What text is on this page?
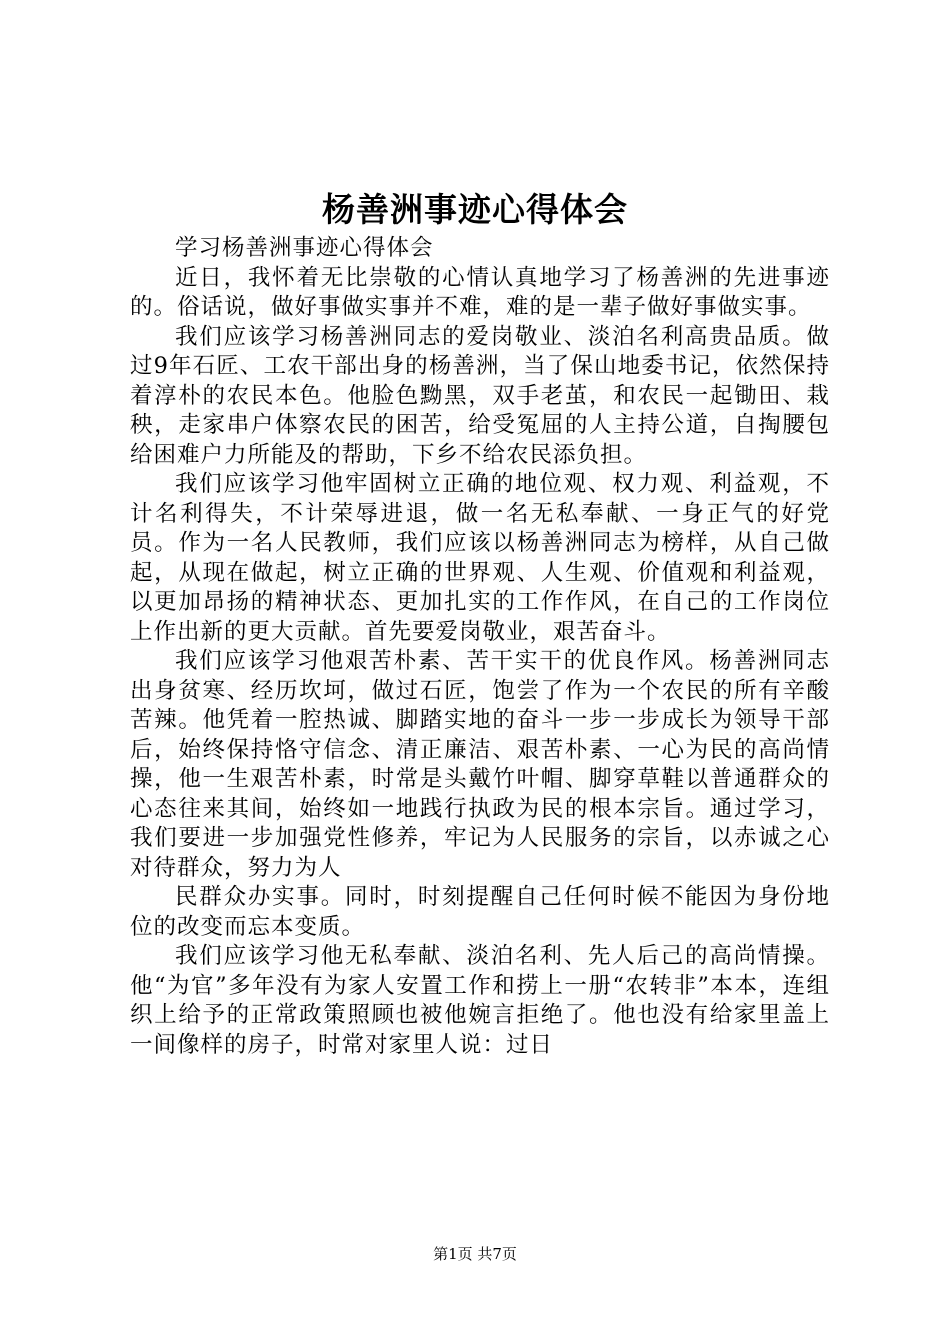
杨善洲事迹心得体会

学习杨善洲事迹心得体会

近日，我怀着无比崇敬的心情认真地学习了杨善洲的先进事迹的。俗话说，做好事做实事并不难，难的是一辈子做好事做实事。

我们应该学习杨善洲同志的爱岗敬业、淡泊名利高贵品质。做过9年石匠、工农干部出身的杨善洲，当了保山地委书记，依然保持着淳朴的农民本色。他脸色黝黑，双手老茧，和农民一起锄田、栽秧，走家串户体察农民的困苦，给受冤屈的人主持公道，自掏腰包给困难户力所能及的帮助，下乡不给农民添负担。

我们应该学习他牢固树立正确的地位观、权力观、利益观，不计名利得失，不计荣辱进退，做一名无私奉献、一身正气的好党员。作为一名人民教师，我们应该以杨善洲同志为榜样，从自己做起，从现在做起，树立正确的世界观、人生观、价值观和利益观，以更加昂扬的精神状态、更加扎实的工作作风，在自己的工作岗位上作出新的更大贡献。首先要爱岗敬业，艰苦奋斗。

我们应该学习他艰苦朴素、苦干实干的优良作风。杨善洲同志出身贫寒、经历坎坷，做过石匠，饱尝了作为一个农民的所有辛酸苦辣。他凭着一腔热诚、脚踏实地的奋斗一步一步成长为领导干部后，始终保持恪守信念、清正廉洁、艰苦朴素、一心为民的高尚情操，他一生艰苦朴素，时常是头戴竹叶帽、脚穿草鞋以普通群众的心态往来其间，始终如一地践行执政为民的根本宗旨。通过学习，我们要进一步加强党性修养，牢记为人民服务的宗旨，以赤诚之心对待群众，努力为人

民群众办实事。同时，时刻提醒自己任何时候不能因为身份地位的改变而忘本变质。

我们应该学习他无私奉献、淡泊名利、先人后己的高尚情操。他“为官”多年没有为家人安置工作和捞上一册“农转非”本本，连组织上给予的正常政策照顾也被他婉言拒绝了。他也没有给家里盖上一间像样的房子，时常对家里人说：过日

第1页 共7页
